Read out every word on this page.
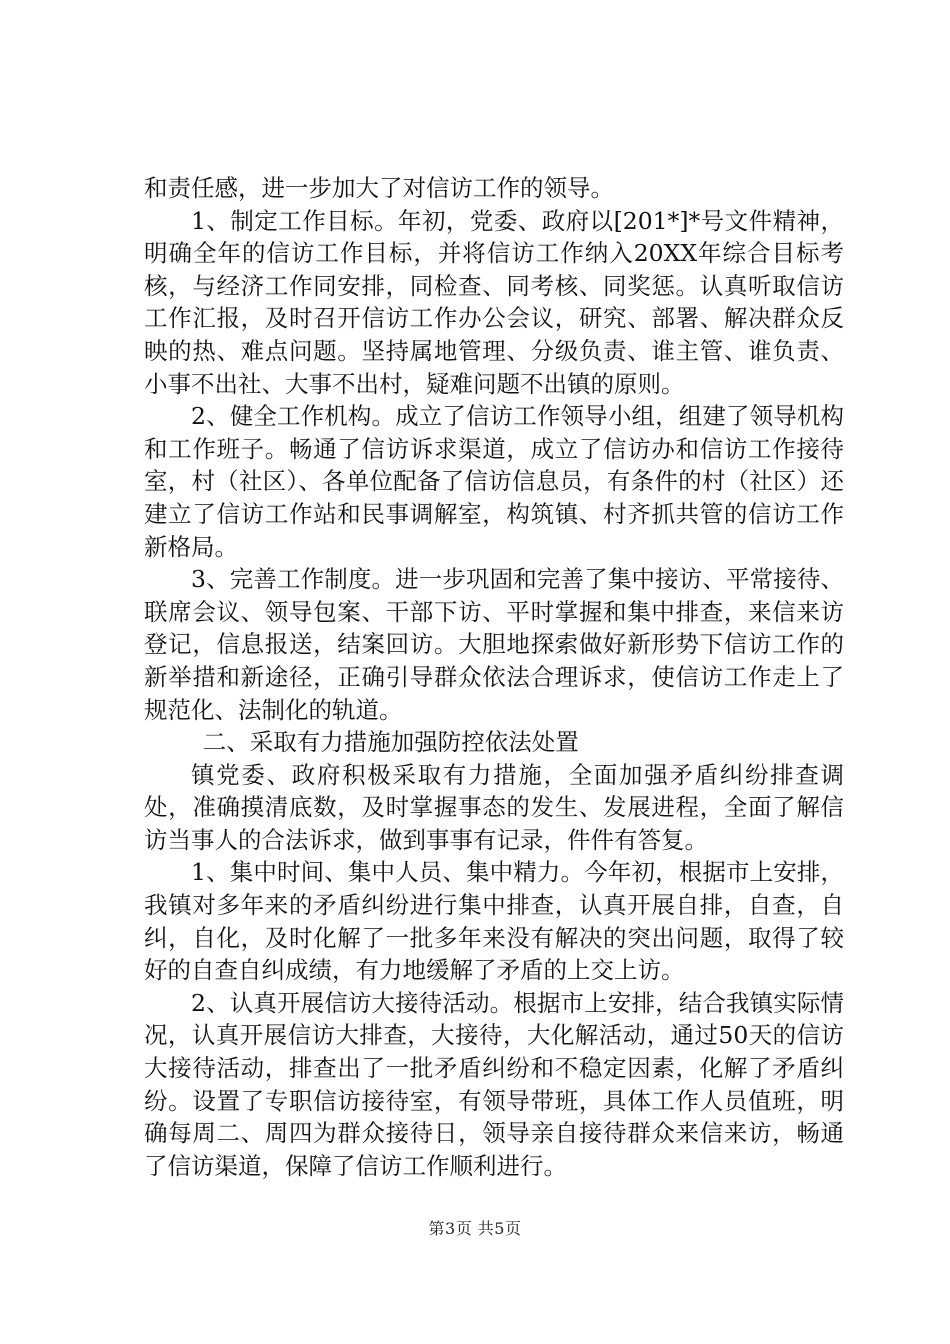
和责任感，进一步加大了对信访工作的领导。

1、制定工作目标。年初，党委、政府以[201*]*号文件精神，明确全年的信访工作目标，并将信访工作纳入20XX年综合目标考核，与经济工作同安排，同检查、同考核、同奖惩。认真听取信访工作汇报，及时召开信访工作办公会议，研究、部署、解决群众反映的热、难点问题。坚持属地管理、分级负责、谁主管、谁负责、小事不出社、大事不出村，疑难问题不出镇的原则。

2、健全工作机构。成立了信访工作领导小组，组建了领导机构和工作班子。畅通了信访诉求渠道，成立了信访办和信访工作接待室，村（社区）、各单位配备了信访信息员，有条件的村（社区）还建立了信访工作站和民事调解室，构筑镇、村齐抓共管的信访工作新格局。

3、完善工作制度。进一步巩固和完善了集中接访、平常接待、联席会议、领导包案、干部下访、平时掌握和集中排查，来信来访登记，信息报送，结案回访。大胆地探索做好新形势下信访工作的新举措和新途径，正确引导群众依法合理诉求，使信访工作走上了规范化、法制化的轨道。

二、采取有力措施加强防控依法处置

镇党委、政府积极采取有力措施，全面加强矛盾纠纷排查调处，准确摸清底数，及时掌握事态的发生、发展进程，全面了解信访当事人的合法诉求，做到事事有记录，件件有答复。

1、集中时间、集中人员、集中精力。今年初，根据市上安排，我镇对多年来的矛盾纠纷进行集中排查，认真开展自排，自查，自纠，自化，及时化解了一批多年来没有解决的突出问题，取得了较好的自查自纠成绩，有力地缓解了矛盾的上交上访。

2、认真开展信访大接待活动。根据市上安排，结合我镇实际情况，认真开展信访大排查，大接待，大化解活动，通过50天的信访大接待活动，排查出了一批矛盾纠纷和不稳定因素，化解了矛盾纠纷。设置了专职信访接待室，有领导带班，具体工作人员值班，明确每周二、周四为群众接待日，领导亲自接待群众来信来访，畅通了信访渠道，保障了信访工作顺利进行。

第3页 共5页
